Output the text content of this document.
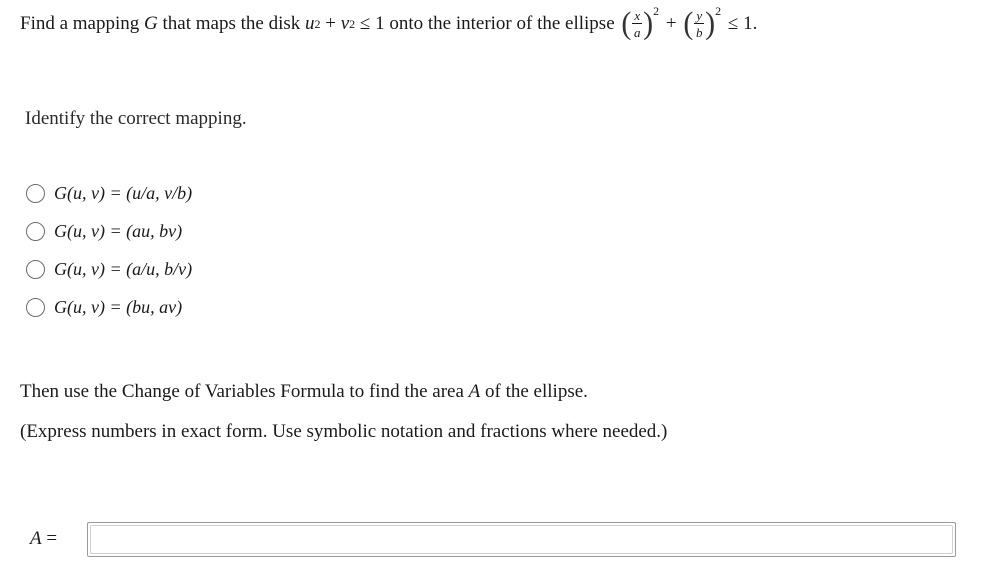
Find a mapping
G
that maps the disk
u 2
+
v 2
≤ 1 onto the interior of the ellipse
( $\frac{x}{a}$ ) 2

+
( $\frac{y}{b}$ ) 2

≤ 1.
Identify the correct mapping.
G(u, v) = (u/a, v/b)
G(u, v) = (au, bv)
G(u, v) = (a/u, b/v)
G(u, v) = (bu, av)
Then use the Change of Variables Formula to find the area A of the ellipse.
(Express numbers in exact form. Use symbolic notation and fractions where needed.)
A =
